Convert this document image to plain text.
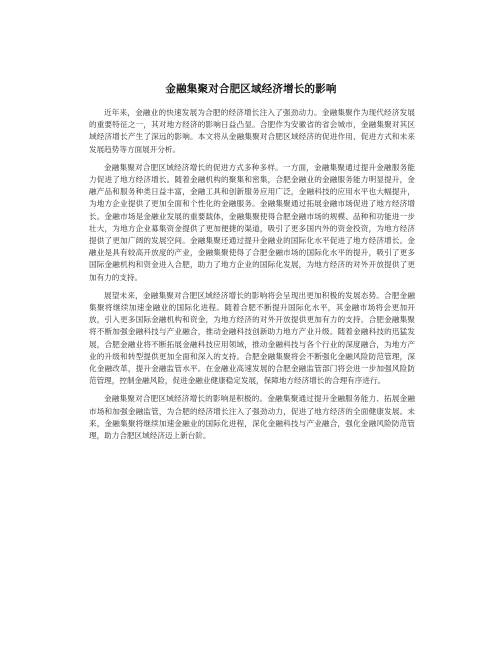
金融集聚对合肥区域经济增长的影响

近年来，金融业的快速发展为合肥的经济增长注入了强劲动力。金融集聚作为现代经济发展的重要特征之一，其对地方经济的影响日益凸显。合肥作为安徽省的省会城市，金融集聚对其区域经济增长产生了深远的影响。本文将从金融集聚对合肥区域经济的促进作用、促进方式和未来发展趋势等方面展开分析。

金融集聚对合肥区域经济增长的促进方式多种多样。一方面，金融集聚通过提升金融服务能力促进了地方经济增长。随着金融机构的聚集和密集，合肥金融业的金融服务能力明显提升，金融产品和服务种类日益丰富，金融工具和创新服务应用广泛，金融科技的应用水平也大幅提升，为地方企业提供了更加全面和个性化的金融服务。金融集聚通过拓展金融市场促进了地方经济增长。金融市场是金融业发展的重要载体，金融集聚使得合肥金融市场的规模、品种和功能进一步壮大，为地方企业募集资金提供了更加便捷的渠道，吸引了更多国内外的资金投资，为地方经济提供了更加广阔的发展空间。金融集聚还通过提升金融业的国际化水平促进了地方经济增长。金融业是具有较高开放度的产业，金融集聚使得了合肥金融市场的国际化水平的提升，吸引了更多国际金融机构和资金进入合肥，助力了地方企业的国际化发展，为地方经济的对外开放提供了更加有力的支持。

展望未来，金融集聚对合肥区域经济增长的影响将会呈现出更加积极的发展态势。合肥金融集聚将继续加速金融业的国际化进程。随着合肥不断提升国际化水平，其金融市场将会更加开放，引入更多国际金融机构和资金，为地方经济的对外开放提供更加有力的支持。合肥金融集聚将不断加强金融科技与产业融合，推动金融科技创新助力地方产业升级。随着金融科技的迅猛发展，合肥金融业将不断拓展金融科技应用领域，推动金融科技与各个行业的深度融合，为地方产业的升级和转型提供更加全面和深入的支持。合肥金融集聚将会不断强化金融风险防范管理，深化金融改革，提升金融监管水平。在金融业高速发展的合肥金融监管部门将会进一步加强风险防范管理，控制金融风险，促进金融业健康稳定发展，保障地方经济增长的合理有序进行。

金融集聚对合肥区域经济增长的影响是积极的。金融集聚通过提升金融服务能力、拓展金融市场和加强金融监管，为合肥的经济增长注入了强劲动力，促进了地方经济的全面健康发展。未来，金融集聚将继续加速金融业的国际化进程，深化金融科技与产业融合，强化金融风险防范管理，助力合肥区域经济迈上新台阶。
